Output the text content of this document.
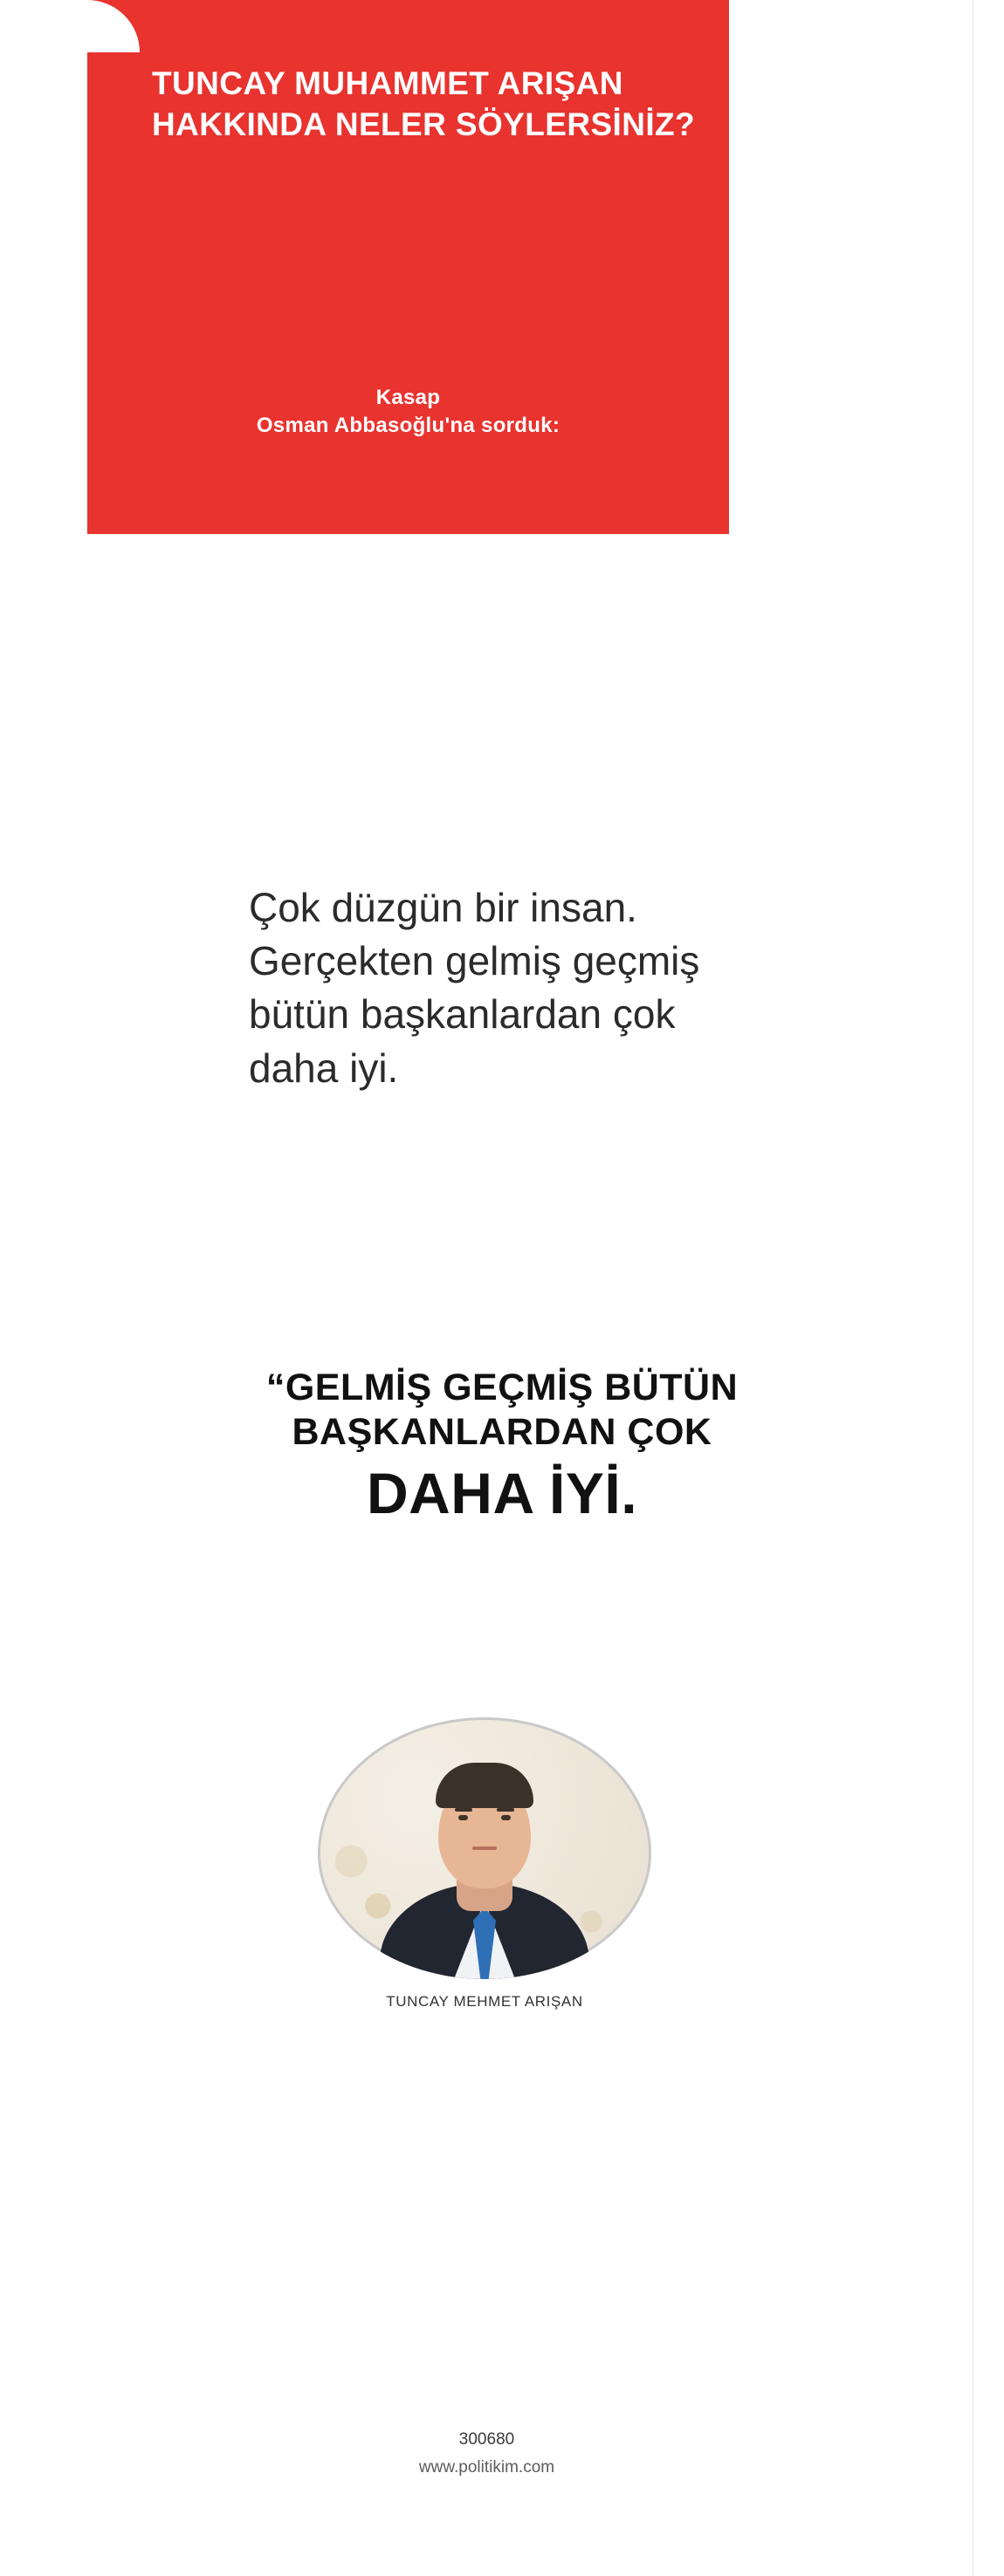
TUNCAY MUHAMMET ARIŞAN
HAKKINDA NELER SÖYLERSİNİZ?
Kasap
Osman Abbasoğlu'na sorduk:
Çok düzgün bir insan. Gerçekten gelmiş geçmiş bütün başkanlardan çok daha iyi.
“GELMİŞ GEÇMİŞ BÜTÜN
BAŞKANLARDAN ÇOK
DAHA İYİ.
TUNCAY MEHMET ARIŞAN
300680
www.politikim.com
